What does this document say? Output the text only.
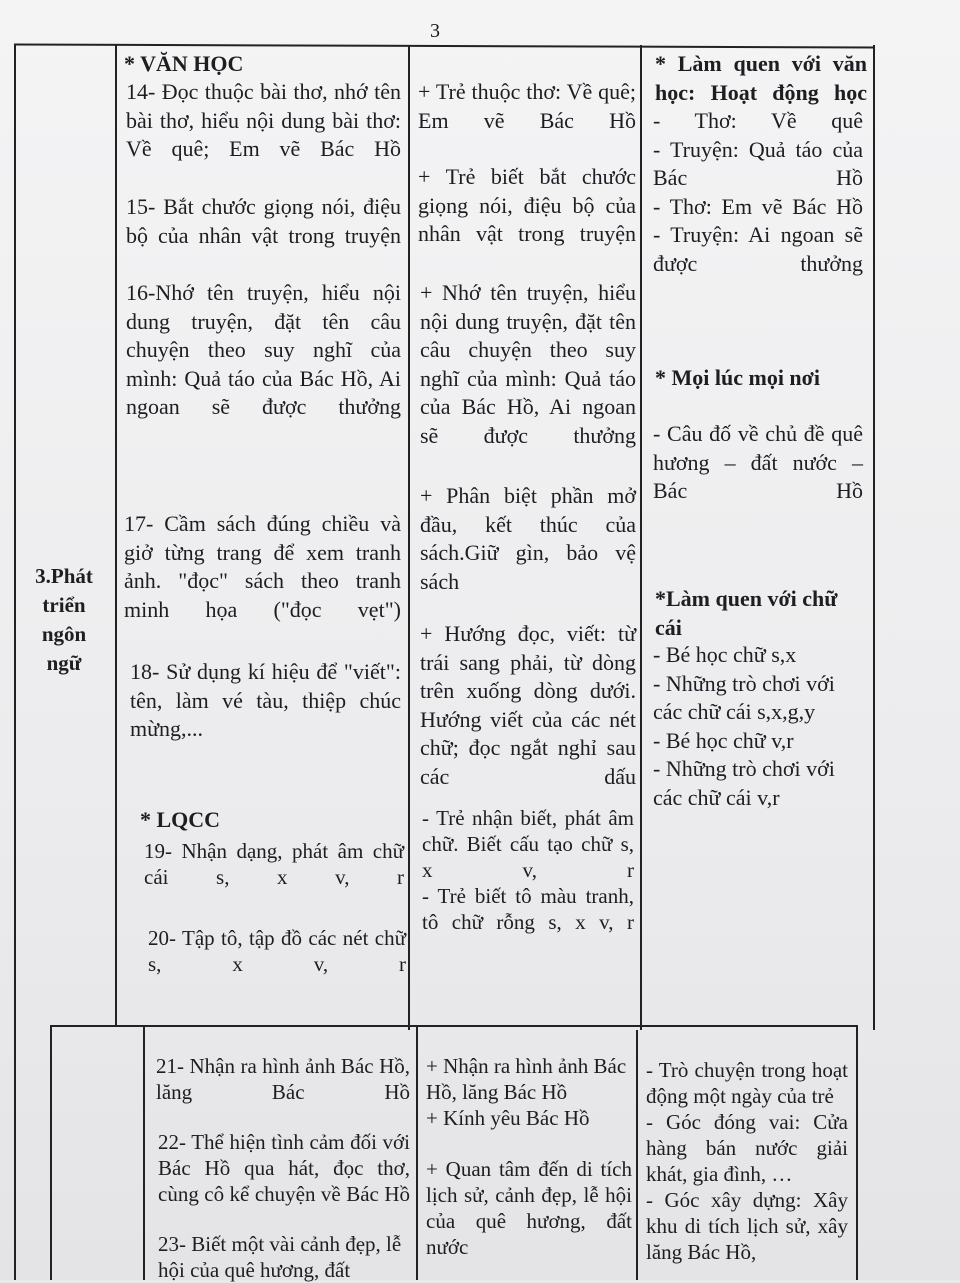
3
3.Phát triển ngôn ngữ
* VĂN HỌC
14- Đọc thuộc bài thơ, nhớ tên bài thơ, hiểu nội dung bài thơ: Về quê; Em vẽ Bác Hồ
15- Bắt chước giọng nói, điệu bộ của nhân vật trong truyện
16-Nhớ tên truyện, hiểu nội dung truyện, đặt tên câu chuyện theo suy nghĩ của mình: Quả táo của Bác Hồ, Ai ngoan sẽ được thưởng
17- Cầm sách đúng chiều và giở từng trang để xem tranh ảnh. "đọc" sách theo tranh minh họa ("đọc vẹt")
18- Sử dụng kí hiệu để "viết": tên, làm vé tàu, thiệp chúc mừng,...
* LQCC
19- Nhận dạng, phát âm chữ cái s, x v, r
20- Tập tô, tập đồ các nét chữ s, x v, r
21- Nhận ra hình ảnh Bác Hồ, lăng Bác Hồ
22- Thể hiện tình cảm đối với Bác Hồ qua hát, đọc thơ, cùng cô kể chuyện về Bác Hồ
23- Biết một vài cảnh đẹp, lễ hội của quê hương, đất
+ Trẻ thuộc thơ: Về quê; Em vẽ Bác Hồ
+ Trẻ biết bắt chước giọng nói, điệu bộ của nhân vật trong truyện
+ Nhớ tên truyện, hiểu nội dung truyện, đặt tên câu chuyện theo suy nghĩ của mình: Quả táo của Bác Hồ, Ai ngoan sẽ được thưởng
+ Phân biệt phần mở đầu, kết thúc của sách.Giữ gìn, bảo vệ sách
+ Hướng đọc, viết: từ trái sang phải, từ dòng trên xuống dòng dưới. Hướng viết của các nét chữ; đọc ngắt nghỉ sau các dấu
- Trẻ nhận biết, phát âm chữ. Biết cấu tạo chữ s, x v, r
- Trẻ biết tô màu tranh, tô chữ rỗng s, x v, r
+ Nhận ra hình ảnh Bác Hồ, lăng Bác Hồ
+ Kính yêu Bác Hồ
+ Quan tâm đến di tích lịch sử, cảnh đẹp, lễ hội của quê hương, đất nước
* Làm quen với văn học: Hoạt động học
- Thơ: Về quê
- Truyện: Quả táo của Bác Hồ
- Thơ: Em vẽ Bác Hồ
- Truyện: Ai ngoan sẽ được thưởng
* Mọi lúc mọi nơi
- Câu đố về chủ đề quê hương – đất nước – Bác Hồ
*Làm quen với chữ cái
- Bé học chữ s,x
- Những trò chơi với các chữ cái s,x,g,y
- Bé học chữ v,r
- Những trò chơi với các chữ cái v,r
- Trò chuyện trong hoạt động một ngày của trẻ
- Góc đóng vai: Cửa hàng bán nước giải khát, gia đình, …
- Góc xây dựng: Xây khu di tích lịch sử, xây lăng Bác Hồ,
